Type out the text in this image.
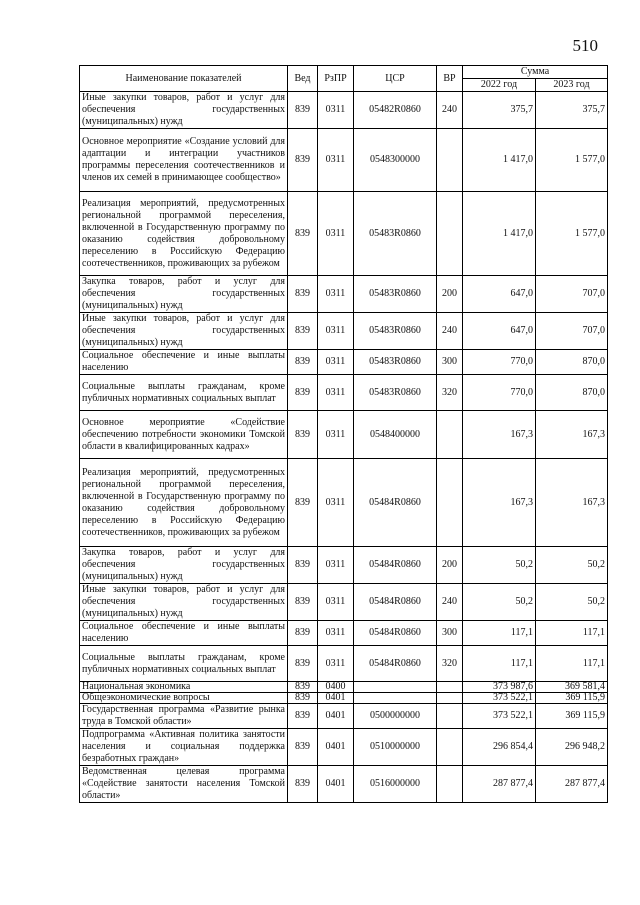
510
Наименование показателей	Вед	РзПР	ЦСР	ВР	Сумма	
					2022 год	2023 год
Иные закупки товаров, работ и услуг для обеспечения государственных (муниципальных) нужд	839	0311	05482R0860	240	375,7	375,7
Основное мероприятие «Создание условий для адаптации и интеграции участников программы переселения соотечественников и членов их семей в принимающее сообщество»	839	0311	0548300000		1 417,0	1 577,0
Реализация мероприятий, предусмотренных региональной программой переселения, включенной в Государственную программу по оказанию содействия добровольному переселению в Российскую Федерацию соотечественников, проживающих за рубежом	839	0311	05483R0860		1 417,0	1 577,0
Закупка товаров, работ и услуг для обеспечения государственных (муниципальных) нужд	839	0311	05483R0860	200	647,0	707,0
Иные закупки товаров, работ и услуг для обеспечения государственных (муниципальных) нужд	839	0311	05483R0860	240	647,0	707,0
Социальное обеспечение и иные выплаты населению	839	0311	05483R0860	300	770,0	870,0
Социальные выплаты гражданам, кроме публичных нормативных социальных выплат	839	0311	05483R0860	320	770,0	870,0
Основное мероприятие «Содействие обеспечению потребности экономики Томской области в квалифицированных кадрах»	839	0311	0548400000		167,3	167,3
Реализация мероприятий, предусмотренных региональной программой переселения, включенной в Государственную программу по оказанию содействия добровольному переселению в Российскую Федерацию соотечественников, проживающих за рубежом	839	0311	05484R0860		167,3	167,3
Закупка товаров, работ и услуг для обеспечения государственных (муниципальных) нужд	839	0311	05484R0860	200	50,2	50,2
Иные закупки товаров, работ и услуг для обеспечения государственных (муниципальных) нужд	839	0311	05484R0860	240	50,2	50,2
Социальное обеспечение и иные выплаты населению	839	0311	05484R0860	300	117,1	117,1
Социальные выплаты гражданам, кроме публичных нормативных социальных выплат	839	0311	05484R0860	320	117,1	117,1
Национальная экономика	839	0400			373 987,6	369 581,4
Общеэкономические вопросы	839	0401			373 522,1	369 115,9
Государственная программа «Развитие рынка труда в Томской области»	839	0401	0500000000		373 522,1	369 115,9
Подпрограмма «Активная политика занятости населения и социальная поддержка безработных граждан»	839	0401	0510000000		296 854,4	296 948,2
Ведомственная целевая программа «Содействие занятости населения Томской области»	839	0401	0516000000		287 877,4	287 877,4
